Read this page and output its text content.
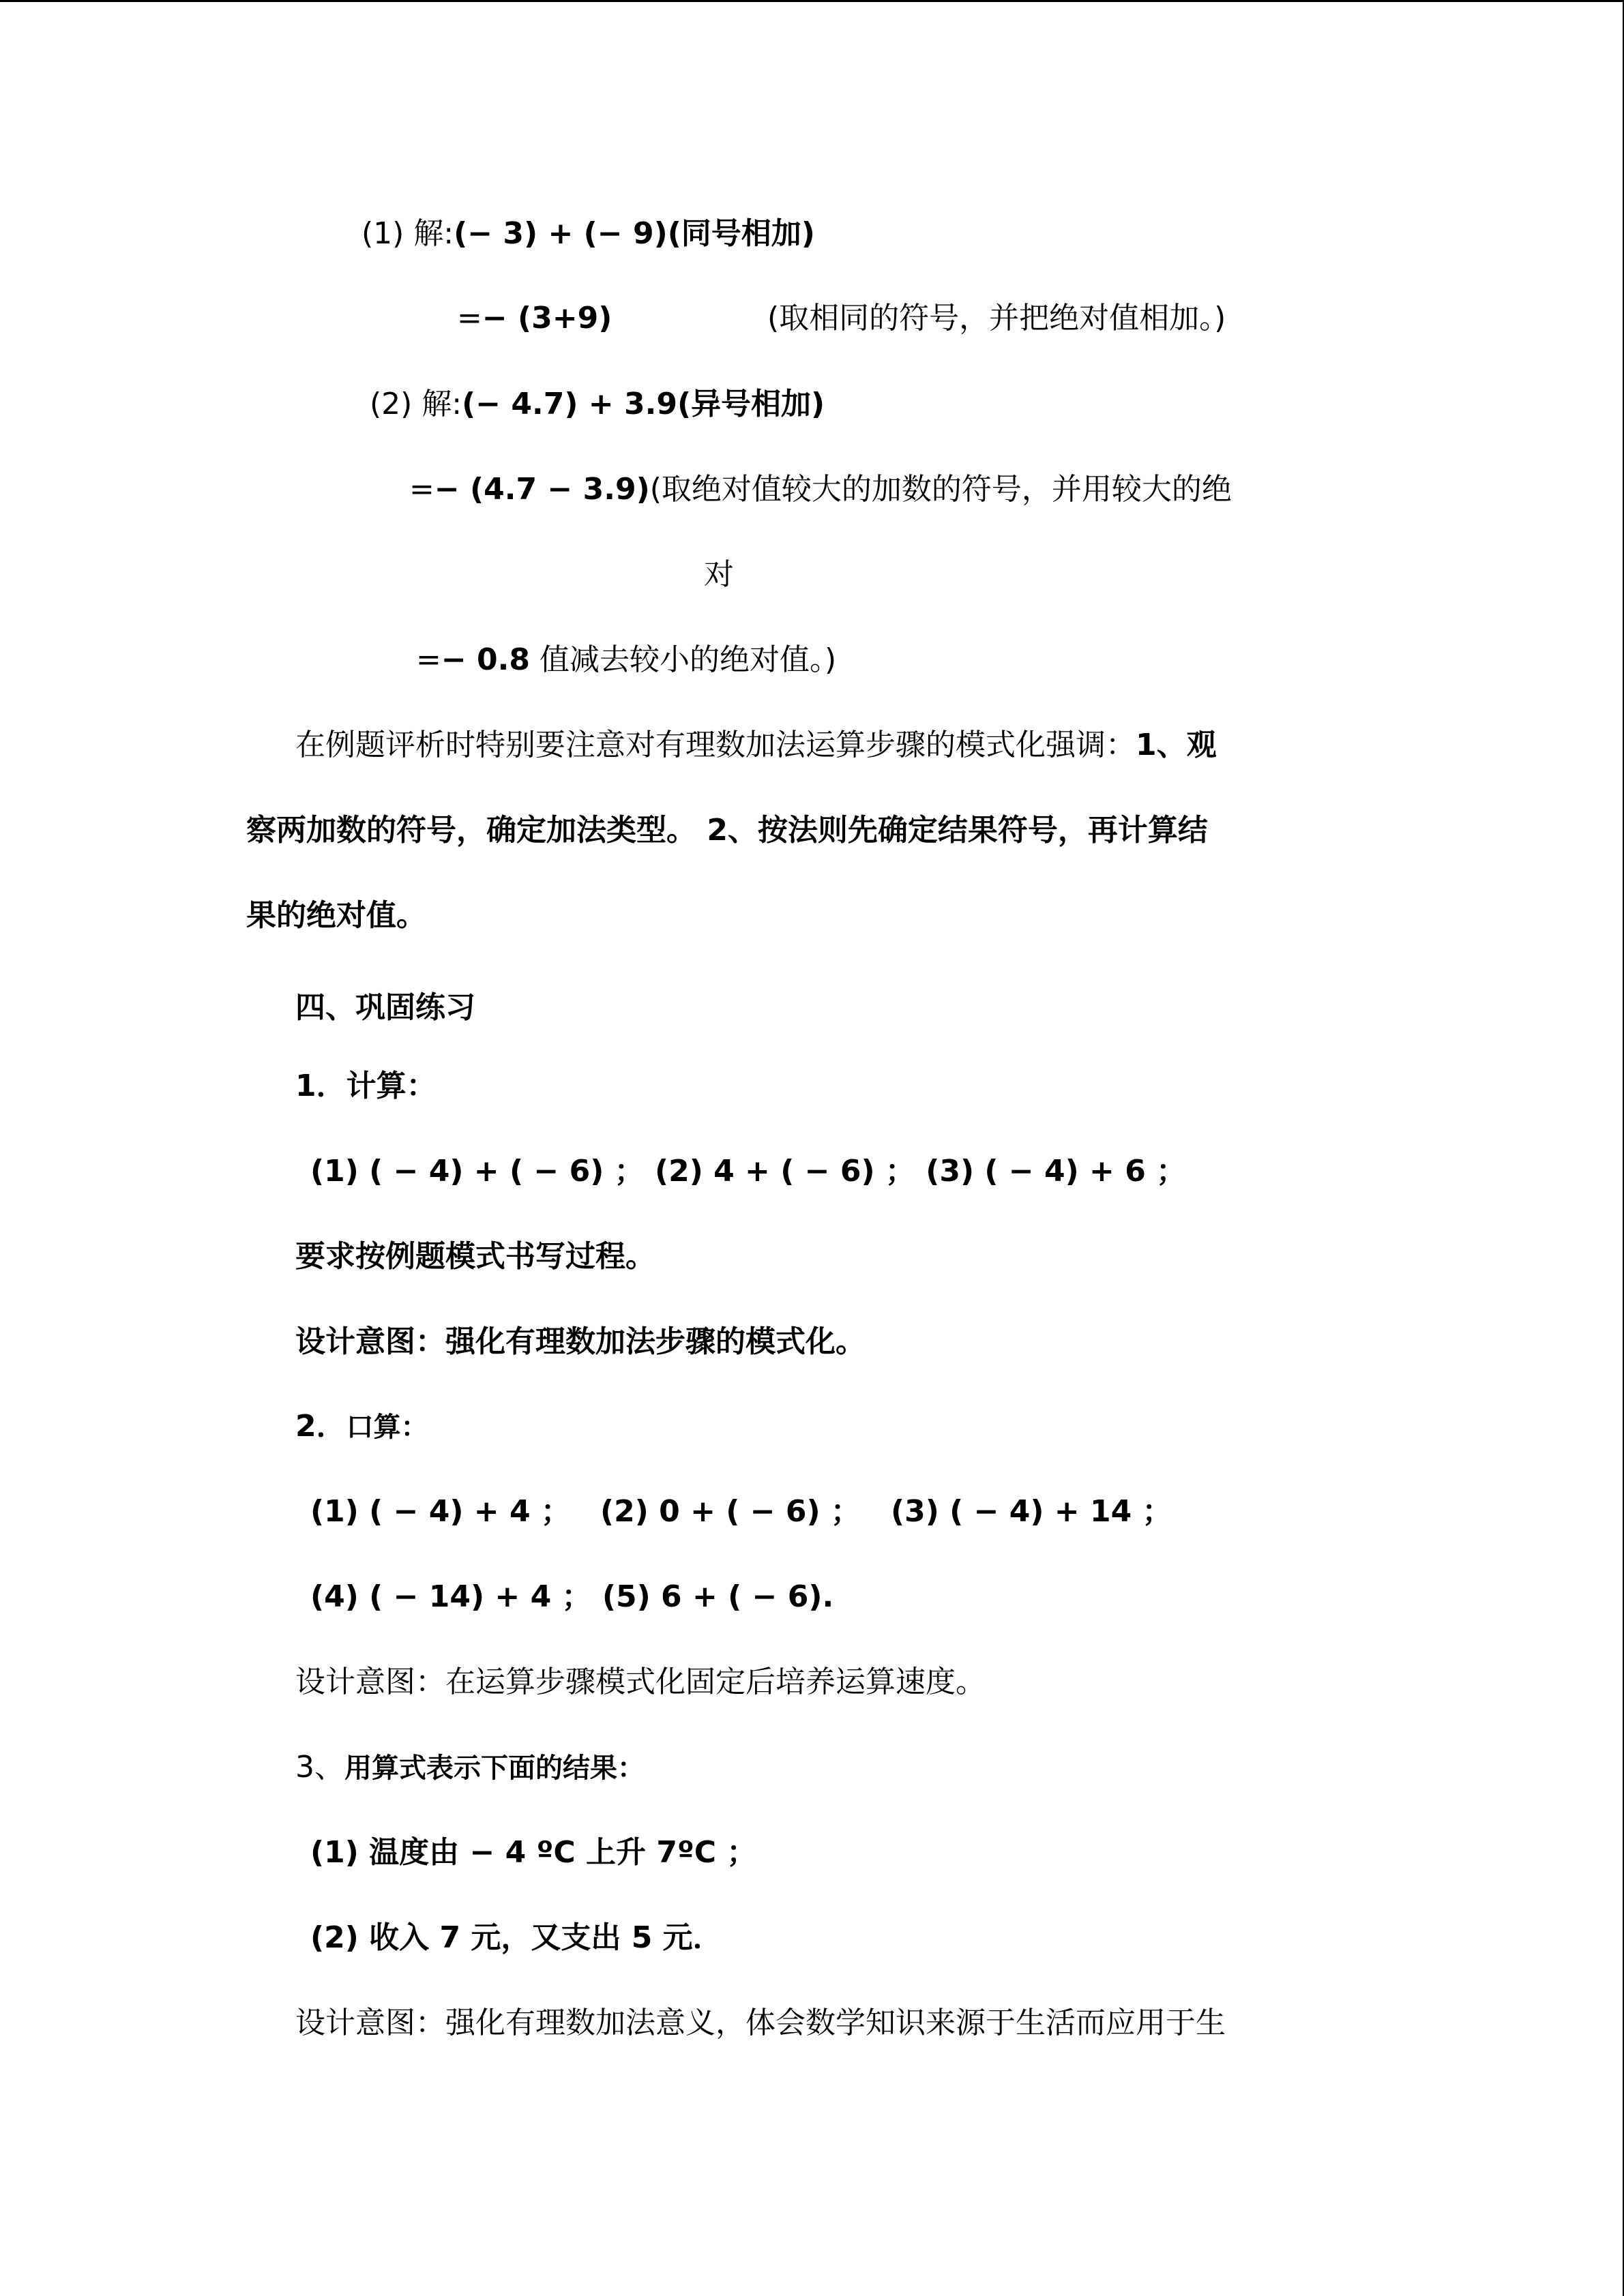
(1) 解:(− 3) + (− 9)(同号相加)
=− (3+9)	(取相同的符号，并把绝对值相加。)
(2) 解:(− 4.7) + 3.9(异号相加)
=− (4.7 − 3.9)(取绝对值较大的加数的符号，并用较大的绝
对
=− 0.8 值减去较小的绝对值。)
在例题评析时特别要注意对有理数加法运算步骤的模式化强调：1、观
察两加数的符号，确定加法类型。 2、按法则先确定结果符号，再计算结
果的绝对值。
四、巩固练习
1．计算：
(1) ( − 4) + ( − 6) ； (2) 4 + ( − 6) ； (3) ( − 4) + 6 ；
要求按例题模式书写过程。
设计意图：强化有理数加法步骤的模式化。
2．口算：
(1) ( − 4) + 4 ； (2) 0 + ( − 6) ； (3) ( − 4) + 14 ；
(4) ( − 14) + 4 ； (5) 6 + ( − 6).
设计意图：在运算步骤模式化固定后培养运算速度。
3、用算式表示下面的结果：
(1) 温度由 − 4 ºC 上升 7ºC ；
(2) 收入 7 元，又支出 5 元．
设计意图：强化有理数加法意义，体会数学知识来源于生活而应用于生
